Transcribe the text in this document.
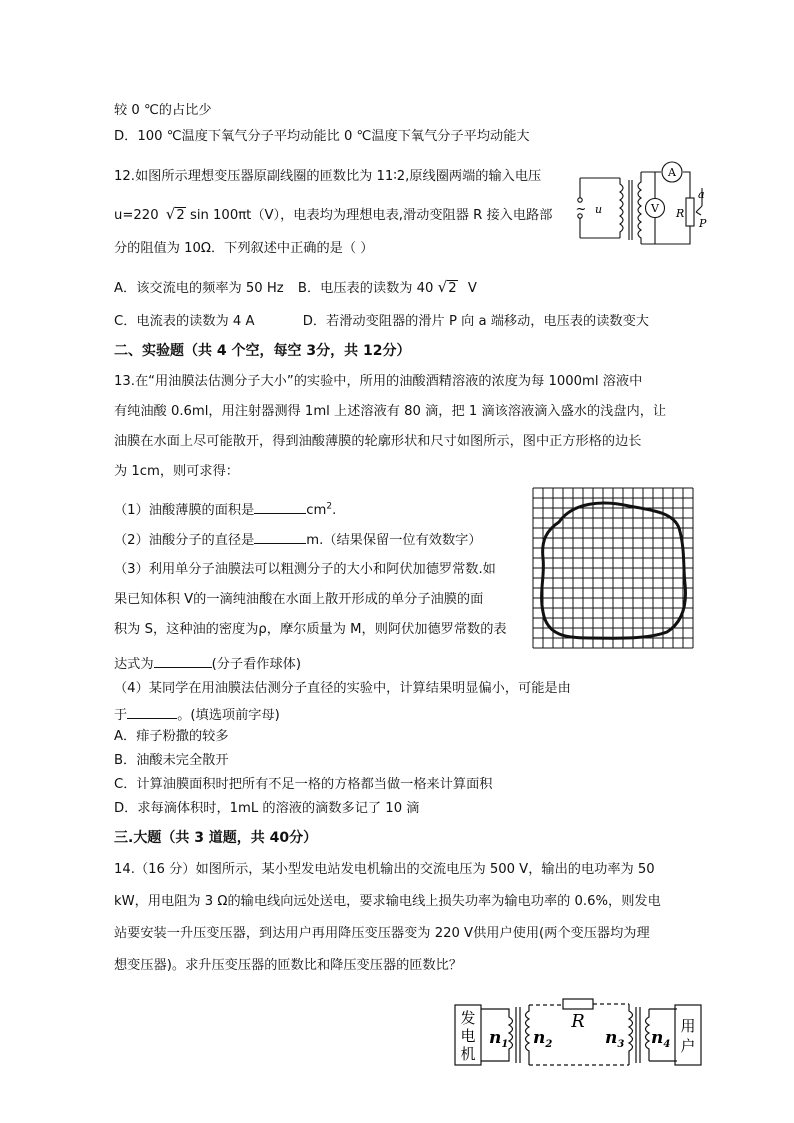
较 0 ℃的占比少
D．100 ℃温度下氧气分子平均动能比 0 ℃温度下氧气分子平均动能大
12.如图所示理想变压器原副线圈的匝数比为 11∶2,原线圈两端的输入电压
u=220 √2 sin 100πt（V），电表均为理想电表,滑动变阻器 R 接入电路部
分的阻值为 10Ω．下列叙述中正确的是（ ）
A．该交流电的频率为 50 Hz B．电压表的读数为 40 √2 V
C．电流表的读数为 4 A	D．若滑动变阻器的滑片 P 向 a 端移动，电压表的读数变大
A
V
~ u	R
a
P
二、实验题（共 4 个空，每空 3分，共 12分）
13.在“用油膜法估测分子大小”的实验中，所用的油酸酒精溶液的浓度为每 1000ml 溶液中
有纯油酸 0.6ml，用注射器测得 1ml 上述溶液有 80 滴，把 1 滴该溶液滴入盛水的浅盘内，让
油膜在水面上尽可能散开，得到油酸薄膜的轮廓形状和尺寸如图所示，图中正方形格的边长
为 1cm，则可求得：
（1）油酸薄膜的面积是	$cm^2$.
（2）油酸分子的直径是	m.（结果保留一位有效数字）
（3）利用单分子油膜法可以粗测分子的大小和阿伏加德罗常数.如
果已知体积 V的一滴纯油酸在水面上散开形成的单分子油膜的面
积为 S，这种油的密度为ρ，摩尔质量为 M，则阿伏加德罗常数的表
达式为	(分子看作球体)
（4）某同学在用油膜法估测分子直径的实验中，计算结果明显偏小，可能是由
于	。(填选项前字母)
A．痱子粉撒的较多
B．油酸未完全散开
C．计算油膜面积时把所有不足一格的方格都当做一格来计算面积
D．求每滴体积时，1mL 的溶液的滴数多记了 10 滴
三.大题（共 3 道题，共 40分）
14.（16 分）如图所示，某小型发电站发电机输出的交流电压为 500 V，输出的电功率为 50
kW，用电阻为 3 Ω的输电线向远处送电，要求输电线上损失功率为输电功率的 0.6%，则发电
站要安装一升压变压器，到达用户再用降压变压器变为 220 V供用户使用(两个变压器均为理
想变压器)。求升压变压器的匝数比和降压变压器的匝数比？
发
电
机
$n_1$ $n_2$
R
$n_3$ $n_4$
用
户
